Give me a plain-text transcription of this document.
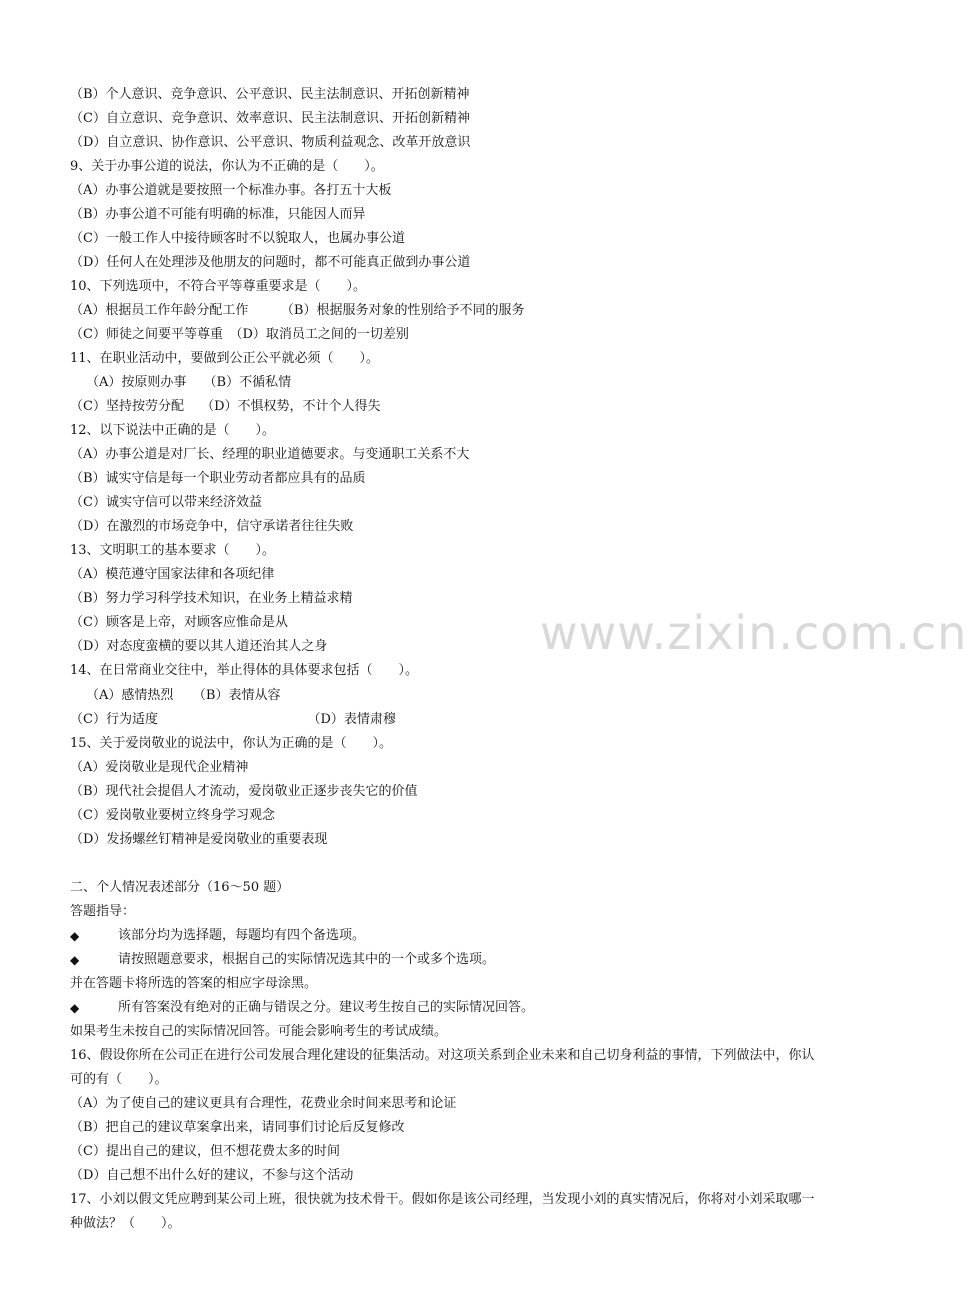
www.zixin.com.cn
（B）个人意识、竞争意识、公平意识、民主法制意识、开拓创新精神
（C）自立意识、竞争意识、效率意识、民主法制意识、开拓创新精神
（D）自立意识、协作意识、公平意识、物质利益观念、改革开放意识
9、关于办事公道的说法，你认为不正确的是（　　）。
（A）办事公道就是要按照一个标准办事。各打五十大板
（B）办事公道不可能有明确的标准，只能因人而异
（C）一般工作人中接待顾客时不以貌取人，也属办事公道
（D）任何人在处理涉及他朋友的问题时，都不可能真正做到办事公道
10、下列选项中，不符合平等尊重要求是（　　）。
（A）根据员工作年龄分配工作　　　（B）根据服务对象的性别给予不同的服务
（C）师徒之间要平等尊重　（D）取消员工之间的一切差别
11、在职业活动中，要做到公正公平就必须（　　）。
（A）按原则办事　 （B）不循私情
（C）坚持按劳分配　 （D）不惧权势，不计个人得失
12、以下说法中正确的是（　　）。
（A）办事公道是对厂长、经理的职业道德要求。与变通职工关系不大
（B）诚实守信是每一个职业劳动者都应具有的品质
（C）诚实守信可以带来经济效益
（D）在激烈的市场竞争中，信守承诺者往往失败
13、文明职工的基本要求（　　）。
（A）模范遵守国家法律和各项纪律
（B）努力学习科学技术知识，在业务上精益求精
（C）顾客是上帝，对顾客应惟命是从
（D）对态度蛮横的要以其人道还治其人之身
14、在日常商业交往中，举止得体的具体要求包括（　　）。
（A）感情热烈　　（B）表情从容
（C）行为适度　　　　　　　　　　　　（D）表情肃穆
15、关于爱岗敬业的说法中，你认为正确的是（　　）。
（A）爱岗敬业是现代企业精神
（B）现代社会提倡人才流动，爱岗敬业正逐步丧失它的价值
（C）爱岗敬业要树立终身学习观念
（D）发扬螺丝钉精神是爱岗敬业的重要表现
二、个人情况表述部分（16～50 题）
答题指导：
◆	该部分均为选择题，每题均有四个备选项。
◆	请按照题意要求，根据自己的实际情况选其中的一个或多个选项。
并在答题卡将所选的答案的相应字母涂黑。
◆	所有答案没有绝对的正确与错误之分。建议考生按自己的实际情况回答。
如果考生未按自己的实际情况回答。可能会影响考生的考试成绩。
16、假设你所在公司正在进行公司发展合理化建设的征集活动。对这项关系到企业未来和自己切身利益的事情，下列做法中，你认
可的有（　　）。
（A）为了使自己的建议更具有合理性，花费业余时间来思考和论证
（B）把自己的建议草案拿出来，请同事们讨论后反复修改
（C）提出自己的建议，但不想花费太多的时间
（D）自己想不出什么好的建议，不参与这个活动
17、小刘以假文凭应聘到某公司上班，很快就为技术骨干。假如你是该公司经理，当发现小刘的真实情况后，你将对小刘采取哪一
种做法？（　　）。
